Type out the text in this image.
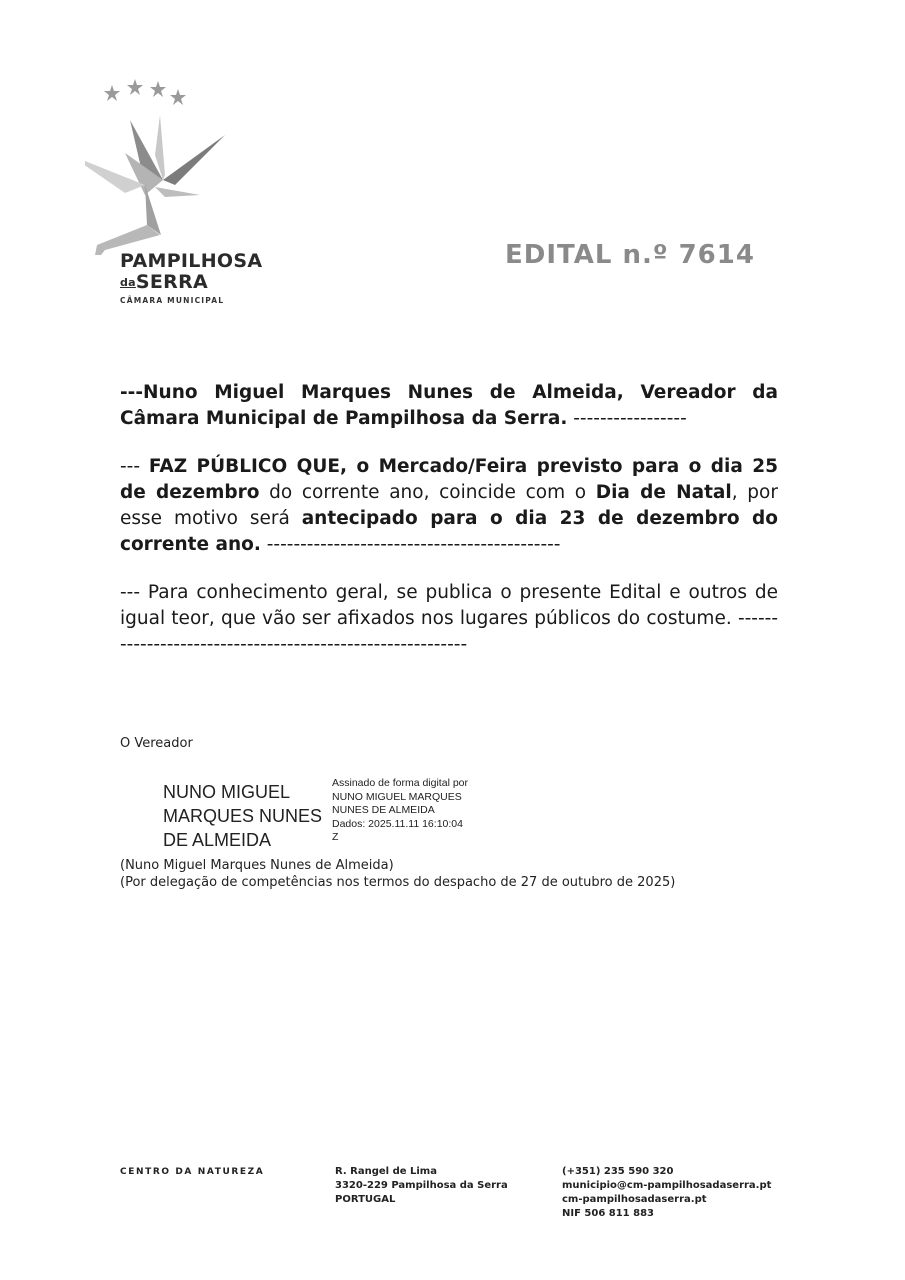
PAMPILHOSA
daSERRA
CÂMARA MUNICIPAL
EDITAL n.º 7614

---Nuno Miguel Marques Nunes de Almeida, Vereador da Câmara Municipal de Pampilhosa da Serra. -----------------

--- FAZ PÚBLICO QUE, o Mercado/Feira previsto para o dia 25 de dezembro do corrente ano, coincide com o Dia de Natal, por esse motivo será antecipado para o dia 23 de dezembro do corrente ano. --------------------------------------------

--- Para conhecimento geral, se publica o presente Edital e outros de igual teor, que vão ser afixados nos lugares públicos do costume. ----------------------------------------------------------

O Vereador
NUNO MIGUEL
MARQUES NUNES
DE ALMEIDA
Assinado de forma digital por
NUNO MIGUEL MARQUES
NUNES DE ALMEIDA
Dados: 2025.11.11 16:10:04
Z
(Nuno Miguel Marques Nunes de Almeida)
(Por delegação de competências nos termos do despacho de 27 de outubro de 2025)
CENTRO DA NATUREZA	R. Rangel de Lima
3320-229 Pampilhosa da Serra
PORTUGAL
(+351) 235 590 320
municipio@cm-pampilhosadaserra.pt
cm-pampilhosadaserra.pt
NIF 506 811 883
